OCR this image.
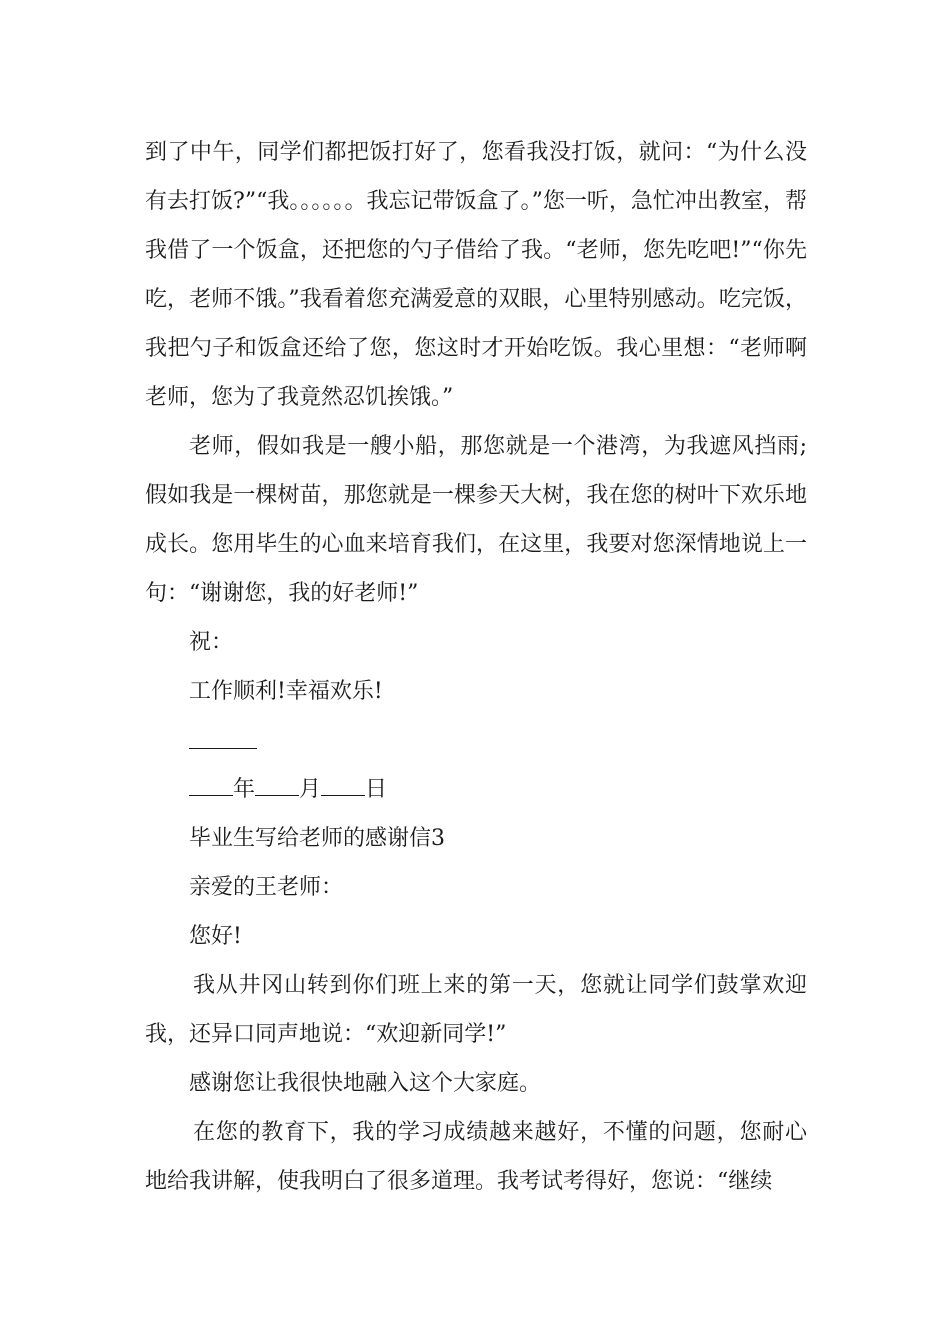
到了中午，同学们都把饭打好了，您看我没打饭，就问：“为什么没有去打饭?”“我。。。。。。我忘记带饭盒了。”您一听，急忙冲出教室，帮我借了一个饭盒，还把您的勺子借给了我。“老师，您先吃吧!”“你先吃，老师不饿。”我看着您充满爱意的双眼，心里特别感动。吃完饭，我把勺子和饭盒还给了您，您这时才开始吃饭。我心里想：“老师啊老师，您为了我竟然忍饥挨饿。”

老师，假如我是一艘小船，那您就是一个港湾，为我遮风挡雨;假如我是一棵树苗，那您就是一棵参天大树，我在您的树叶下欢乐地成长。您用毕生的心血来培育我们，在这里，我要对您深情地说上一句：“谢谢您，我的好老师!”

祝：

工作顺利!幸福欢乐!

年 月 日

毕业生写给老师的感谢信3

亲爱的王老师：

您好!

我从井冈山转到你们班上来的第一天，您就让同学们鼓掌欢迎我，还异口同声地说：“欢迎新同学!”

感谢您让我很快地融入这个大家庭。

在您的教育下，我的学习成绩越来越好，不懂的问题，您耐心地给我讲解，使我明白了很多道理。我考试考得好，您说：“继续
